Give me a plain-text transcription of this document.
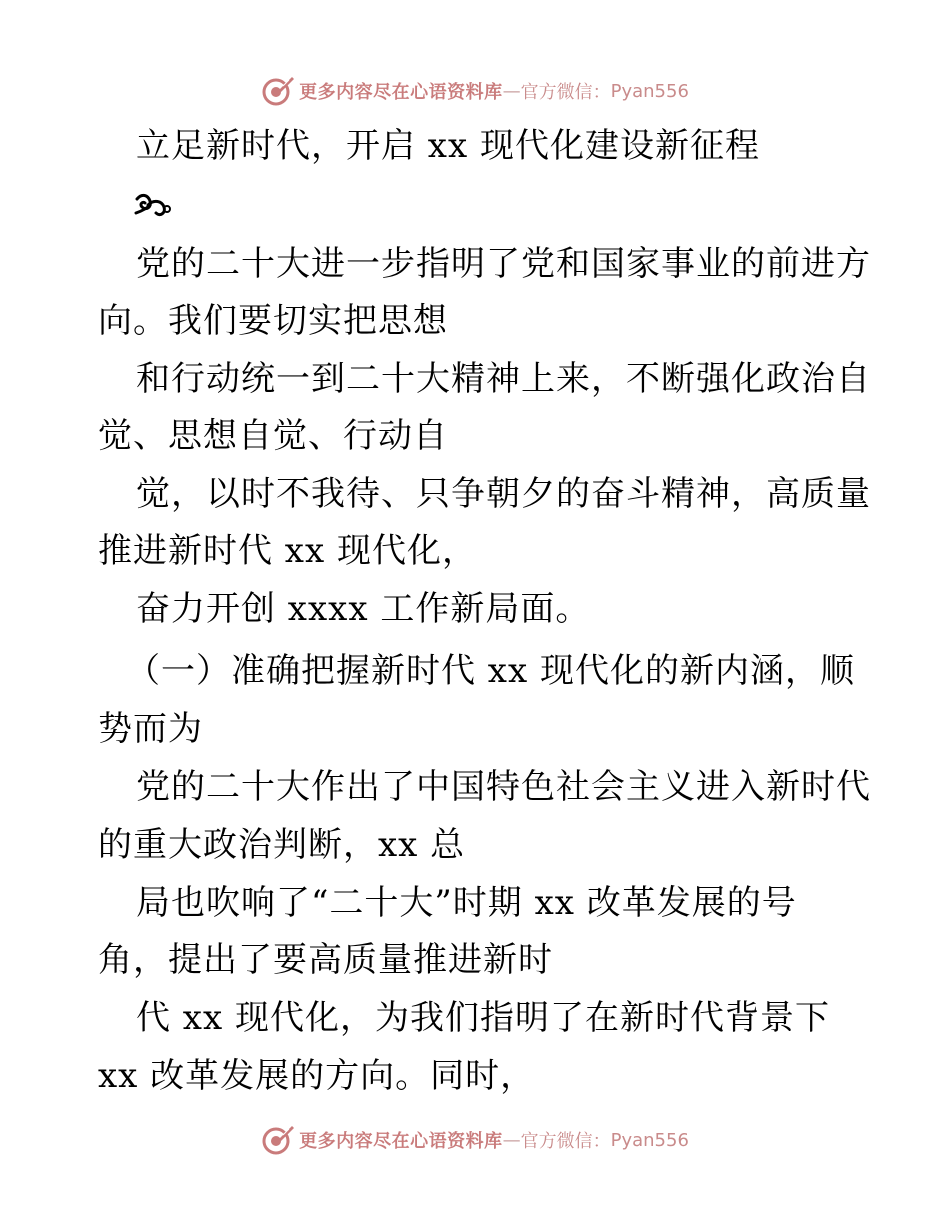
更多内容尽在心语资料库 — 官方微信： Pyan556
立足新时代，开启 xx 现代化建设新征程
党的二十大进一步指明了党和国家事业的前进方
向。我们要切实把思想
和行动统一到二十大精神上来，不断强化政治自
觉、思想自觉、行动自
觉，以时不我待、只争朝夕的奋斗精神，高质量
推进新时代 xx 现代化，
奋力开创 xxxx 工作新局面。
（一）准确把握新时代 xx 现代化的新内涵，顺
势而为
党的二十大作出了中国特色社会主义进入新时代
的重大政治判断，xx 总
局也吹响了“二十大”时期 xx 改革发展的号
角，提出了要高质量推进新时
代 xx 现代化，为我们指明了在新时代背景下
xx 改革发展的方向。同时，
更多内容尽在心语资料库 — 官方微信： Pyan556
